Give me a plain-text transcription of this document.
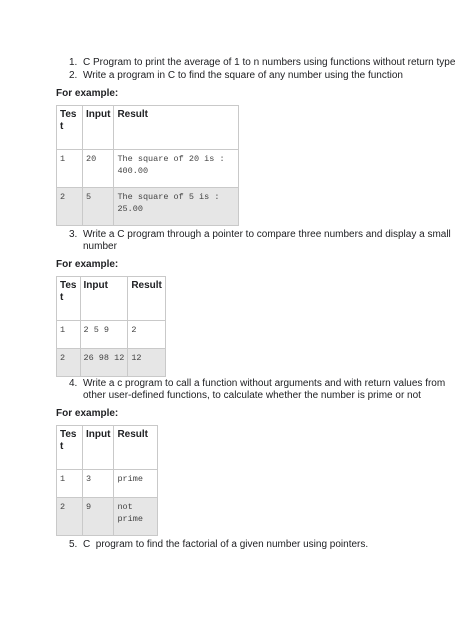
1. C Program to print the average of 1 to n numbers using functions without return type
2. Write a program in C to find the square of any number using the function
For example:
Tes
t	Input	Result
1	20	The square of 20 is :
400.00
2	5	The square of 5 is :
25.00
3. Write a C program through a pointer to compare three numbers and display a small
number
For example:
Tes
t	Input	Result
1	2 5 9	2
2	26 98 12	12
4. Write a c program to call a function without arguments and with return values from
other user-defined functions, to calculate whether the number is prime or not
For example:
Tes
t	Input	Result
1	3	prime
2	9	not
prime
5. C  program to find the factorial of a given number using pointers.
